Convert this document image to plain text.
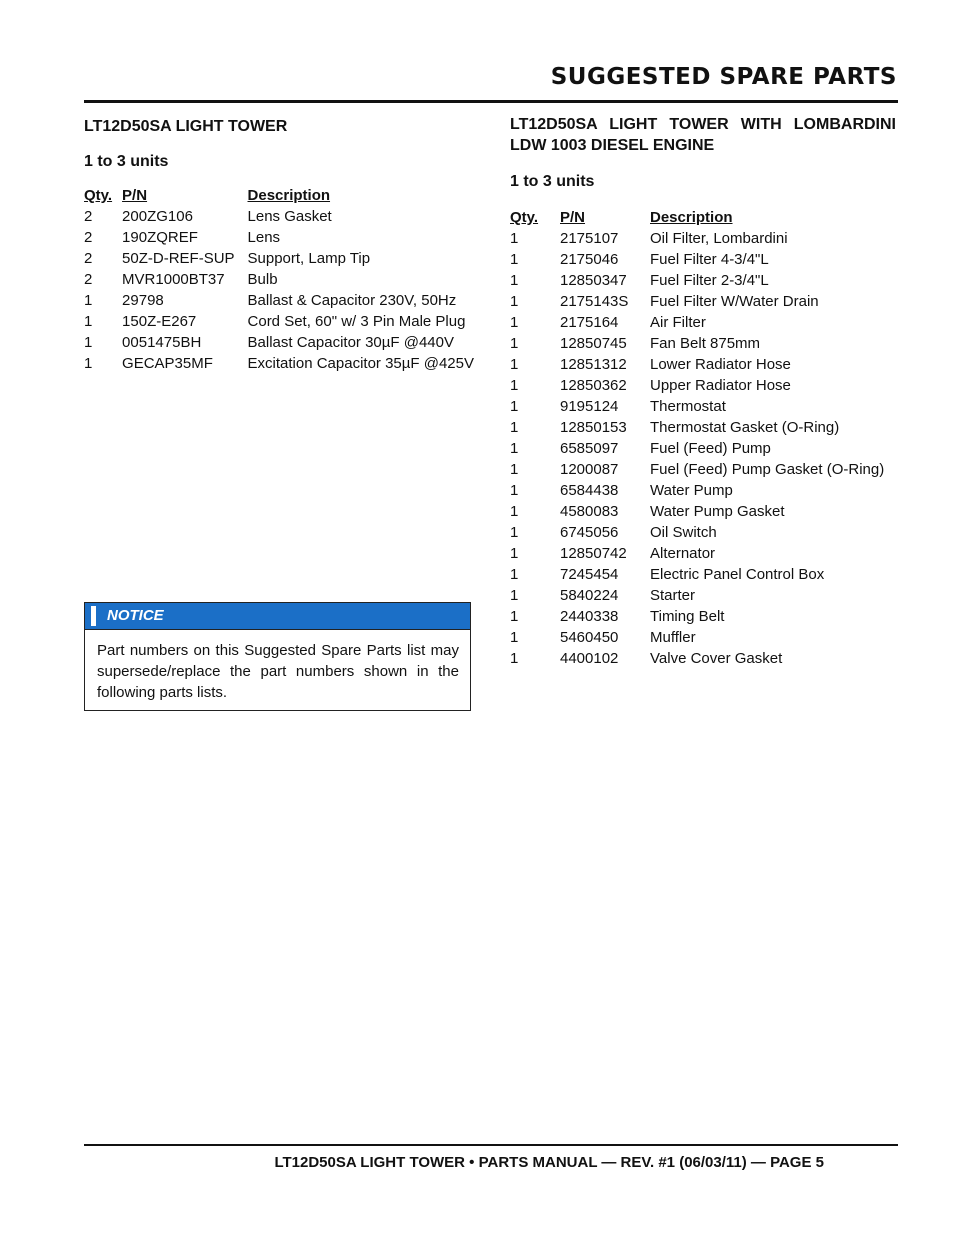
SUGGESTED SPARE PARTS

LT12D50SA LIGHT TOWER

1 to 3 units

Qty.	P/N	Description
2	200ZG106	Lens Gasket
2	190ZQREF	Lens
2	50Z-D-REF-SUP	Support, Lamp Tip
2	MVR1000BT37	Bulb
1	29798	Ballast & Capacitor 230V, 50Hz
1	150Z-E267	Cord Set, 60" w/ 3 Pin Male Plug
1	0051475BH	Ballast Capacitor 30µF @440V
1	GECAP35MF	Excitation Capacitor 35µF @425V
NOTICE

Part numbers on this Suggested Spare Parts list may supersede/replace the part numbers shown in the following parts lists.

LT12D50SA LIGHT TOWER WITH LOMBARDINI LDW 1003 DIESEL ENGINE

1 to 3 units

Qty.	P/N	Description
1	2175107	Oil Filter, Lombardini
1	2175046	Fuel Filter 4-3/4"L
1	12850347	Fuel Filter 2-3/4"L
1	2175143S	Fuel Filter W/Water Drain
1	2175164	Air Filter
1	12850745	Fan Belt 875mm
1	12851312	Lower Radiator Hose
1	12850362	Upper Radiator Hose
1	9195124	Thermostat
1	12850153	Thermostat Gasket (O-Ring)
1	6585097	Fuel (Feed) Pump
1	1200087	Fuel (Feed) Pump Gasket (O-Ring)
1	6584438	Water Pump
1	4580083	Water Pump Gasket
1	6745056	Oil Switch
1	12850742	Alternator
1	7245454	Electric Panel Control Box
1	5840224	Starter
1	2440338	Timing Belt
1	5460450	Muffler
1	4400102	Valve Cover Gasket

LT12D50SA LIGHT TOWER • PARTS MANUAL — REV. #1 (06/03/11) — PAGE 5
